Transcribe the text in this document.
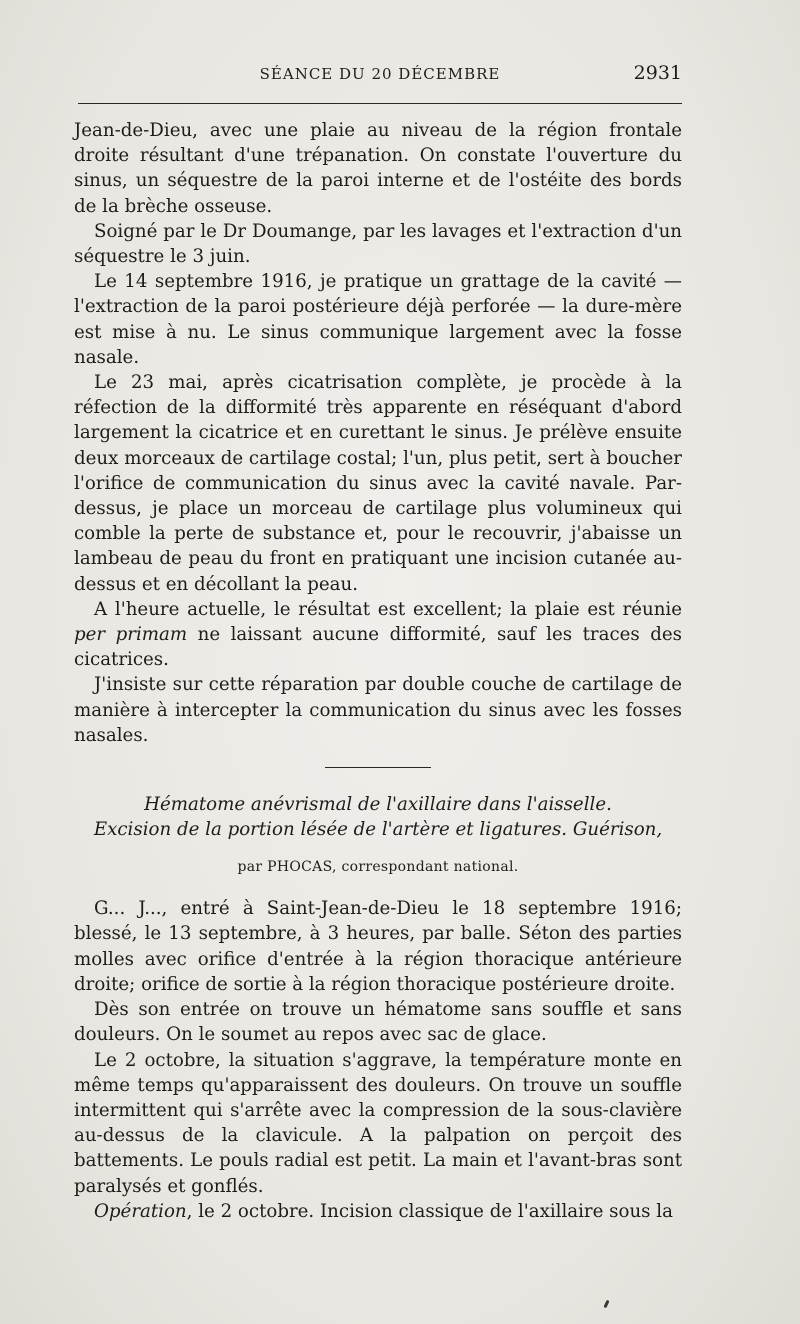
SÉANCE DU 20 DÉCEMBRE	2931

Jean-de-Dieu, avec une plaie au niveau de la région frontale droite résultant d'une trépanation. On constate l'ouverture du sinus, un séquestre de la paroi interne et de l'ostéite des bords de la brèche osseuse.

Soigné par le Dr Doumange, par les lavages et l'extraction d'un séquestre le 3 juin.

Le 14 septembre 1916, je pratique un grattage de la cavité — l'extraction de la paroi postérieure déjà perforée — la dure-mère est mise à nu. Le sinus communique largement avec la fosse nasale.

Le 23 mai, après cicatrisation complète, je procède à la réfection de la difformité très apparente en réséquant d'abord largement la cicatrice et en curettant le sinus. Je prélève ensuite deux morceaux de cartilage costal; l'un, plus petit, sert à boucher l'orifice de communication du sinus avec la cavité navale. Par-dessus, je place un morceau de cartilage plus volumineux qui comble la perte de substance et, pour le recouvrir, j'abaisse un lambeau de peau du front en pratiquant une incision cutanée au-dessus et en décollant la peau.

A l'heure actuelle, le résultat est excellent; la plaie est réunie per primam ne laissant aucune difformité, sauf les traces des cicatrices.

J'insiste sur cette réparation par double couche de cartilage de manière à intercepter la communication du sinus avec les fosses nasales.

Hématome anévrismal de l'axillaire dans l'aisselle.
Excision de la portion lésée de l'artère et ligatures. Guérison,
par PHOCAS, correspondant national.

G... J..., entré à Saint-Jean-de-Dieu le 18 septembre 1916; blessé, le 13 septembre, à 3 heures, par balle. Séton des parties molles avec orifice d'entrée à la région thoracique antérieure droite; orifice de sortie à la région thoracique postérieure droite.

Dès son entrée on trouve un hématome sans souffle et sans douleurs. On le soumet au repos avec sac de glace.

Le 2 octobre, la situation s'aggrave, la température monte en même temps qu'apparaissent des douleurs. On trouve un souffle intermittent qui s'arrête avec la compression de la sous-clavière au-dessus de la clavicule. A la palpation on perçoit des battements. Le pouls radial est petit. La main et l'avant-bras sont paralysés et gonflés.

Opération, le 2 octobre. Incision classique de l'axillaire sous la
